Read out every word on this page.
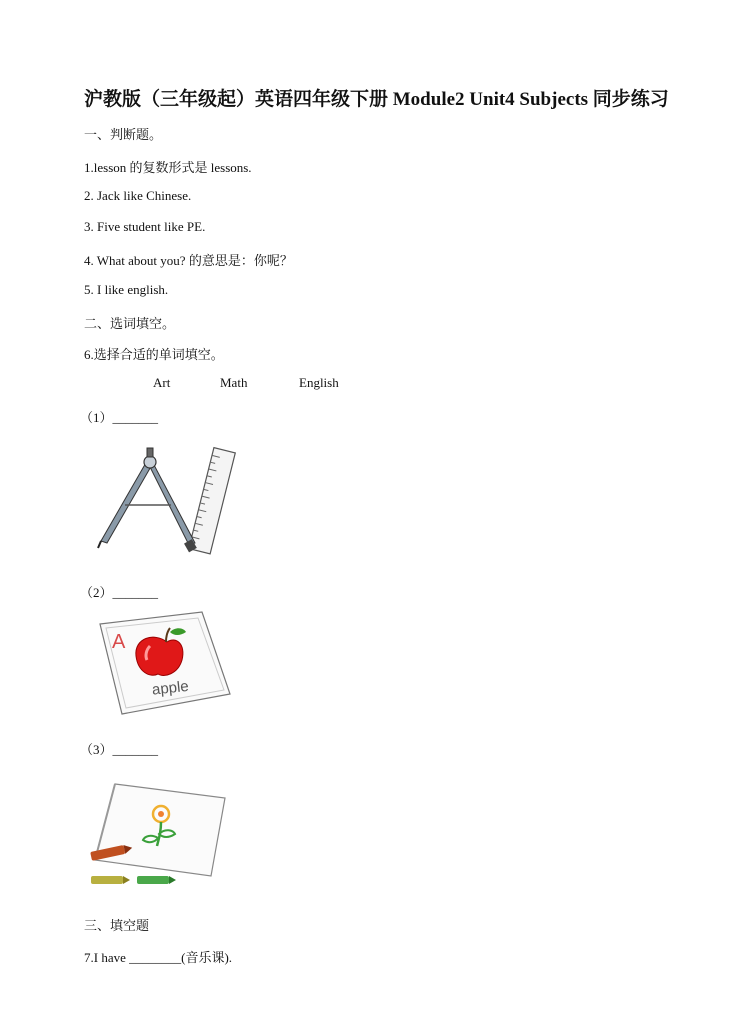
沪教版（三年级起）英语四年级下册 Module2 Unit4 Subjects 同步练习
一、判断题。
1.lesson 的复数形式是 lessons.
2. Jack like Chinese.
3. Five student like PE.
4. What about you? 的意思是：你呢？
5. I like english.
二、选词填空。
6.选择合适的单词填空。
Art	Math	English
（1）_______
（2）_______
A
apple
（3）_______
三、填空题
7.I have ________(音乐课).
